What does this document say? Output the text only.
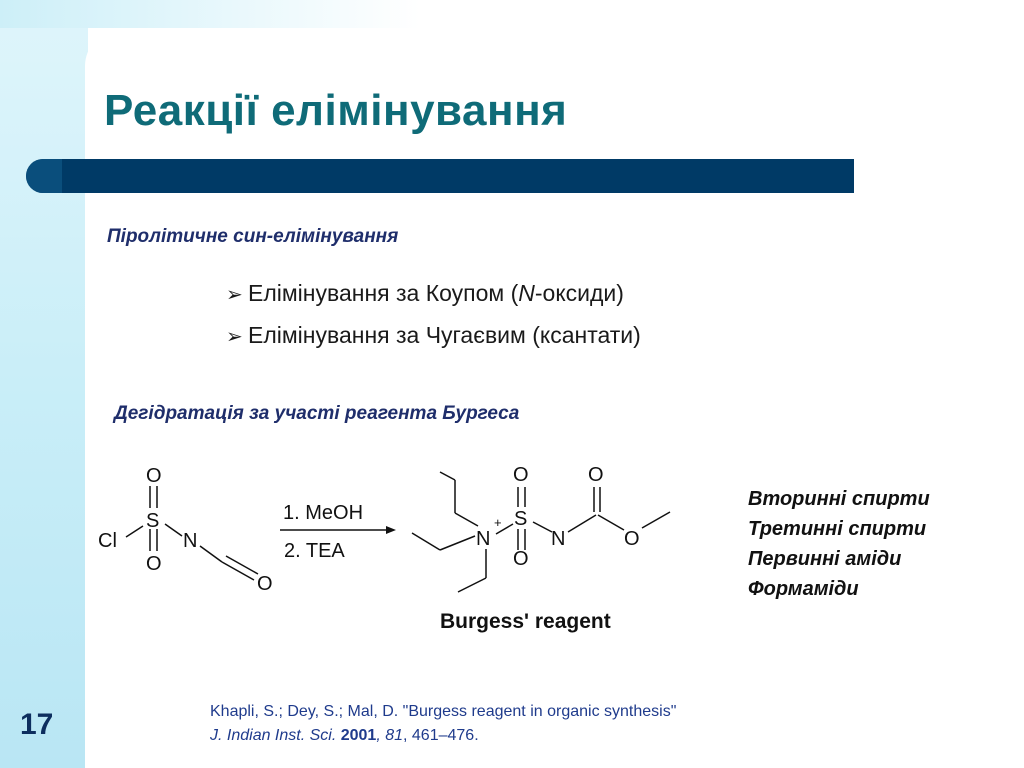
Реакції елімінування
Піролітичне син-елімінування
➢ Елімінування за Коупом (N-оксиди)
➢ Елімінування за Чугаєвим (ксантати)
Дегідратація за участі реагента Бургеса
O
S
O
Cl	N
O
1. MeOH
2. TEA
N
+
O
S
O
N
O
O
Burgess' reagent
Вторинні спирти
Третинні спирти
Первинні аміди
Формаміди
Khapli, S.; Dey, S.; Mal, D. "Burgess reagent in organic synthesis"
J. Indian Inst. Sci. 2001, 81, 461–476.
17
